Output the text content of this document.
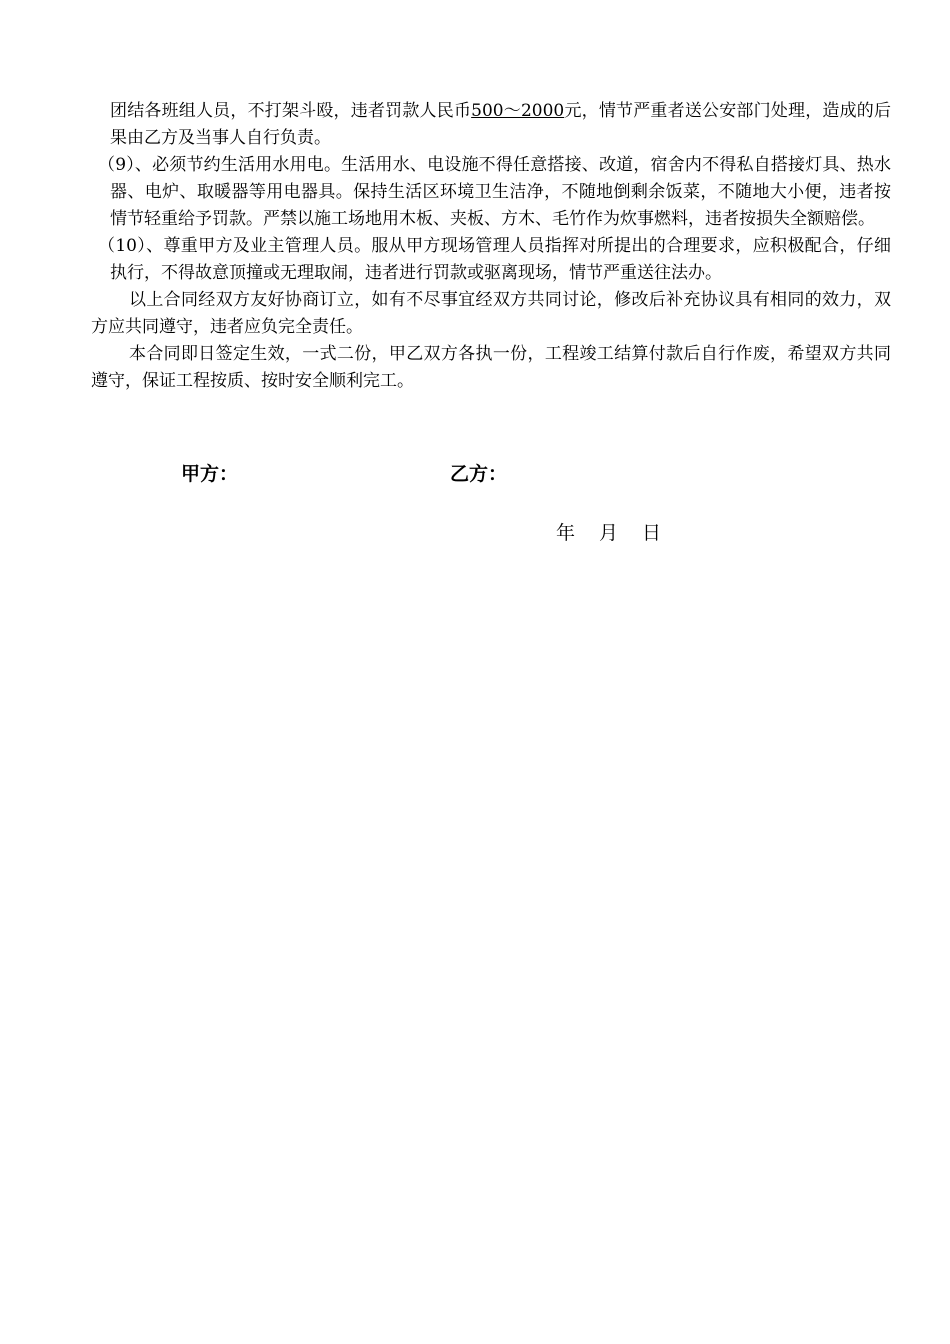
团结各班组人员，不打架斗殴，违者罚款人民币500～2000元，情节严重者送公安部门处理，造成的后果由乙方及当事人自行负责。

（9）、必须节约生活用水用电。生活用水、电设施不得任意搭接、改道，宿舍内不得私自搭接灯具、热水器、电炉、取暖器等用电器具。保持生活区环境卫生洁净，不随地倒剩余饭菜，不随地大小便，违者按情节轻重给予罚款。严禁以施工场地用木板、夹板、方木、毛竹作为炊事燃料，违者按损失全额赔偿。

（10）、尊重甲方及业主管理人员。服从甲方现场管理人员指挥对所提出的合理要求，应积极配合，仔细执行，不得故意顶撞或无理取闹，违者进行罚款或驱离现场，情节严重送往法办。

以上合同经双方友好协商订立，如有不尽事宜经双方共同讨论，修改后补充协议具有相同的效力，双方应共同遵守，违者应负完全责任。

本合同即日签定生效，一式二份，甲乙双方各执一份，工程竣工结算付款后自行作废，希望双方共同遵守，保证工程按质、按时安全顺利完工。

甲方：	乙方：
年 月 日
